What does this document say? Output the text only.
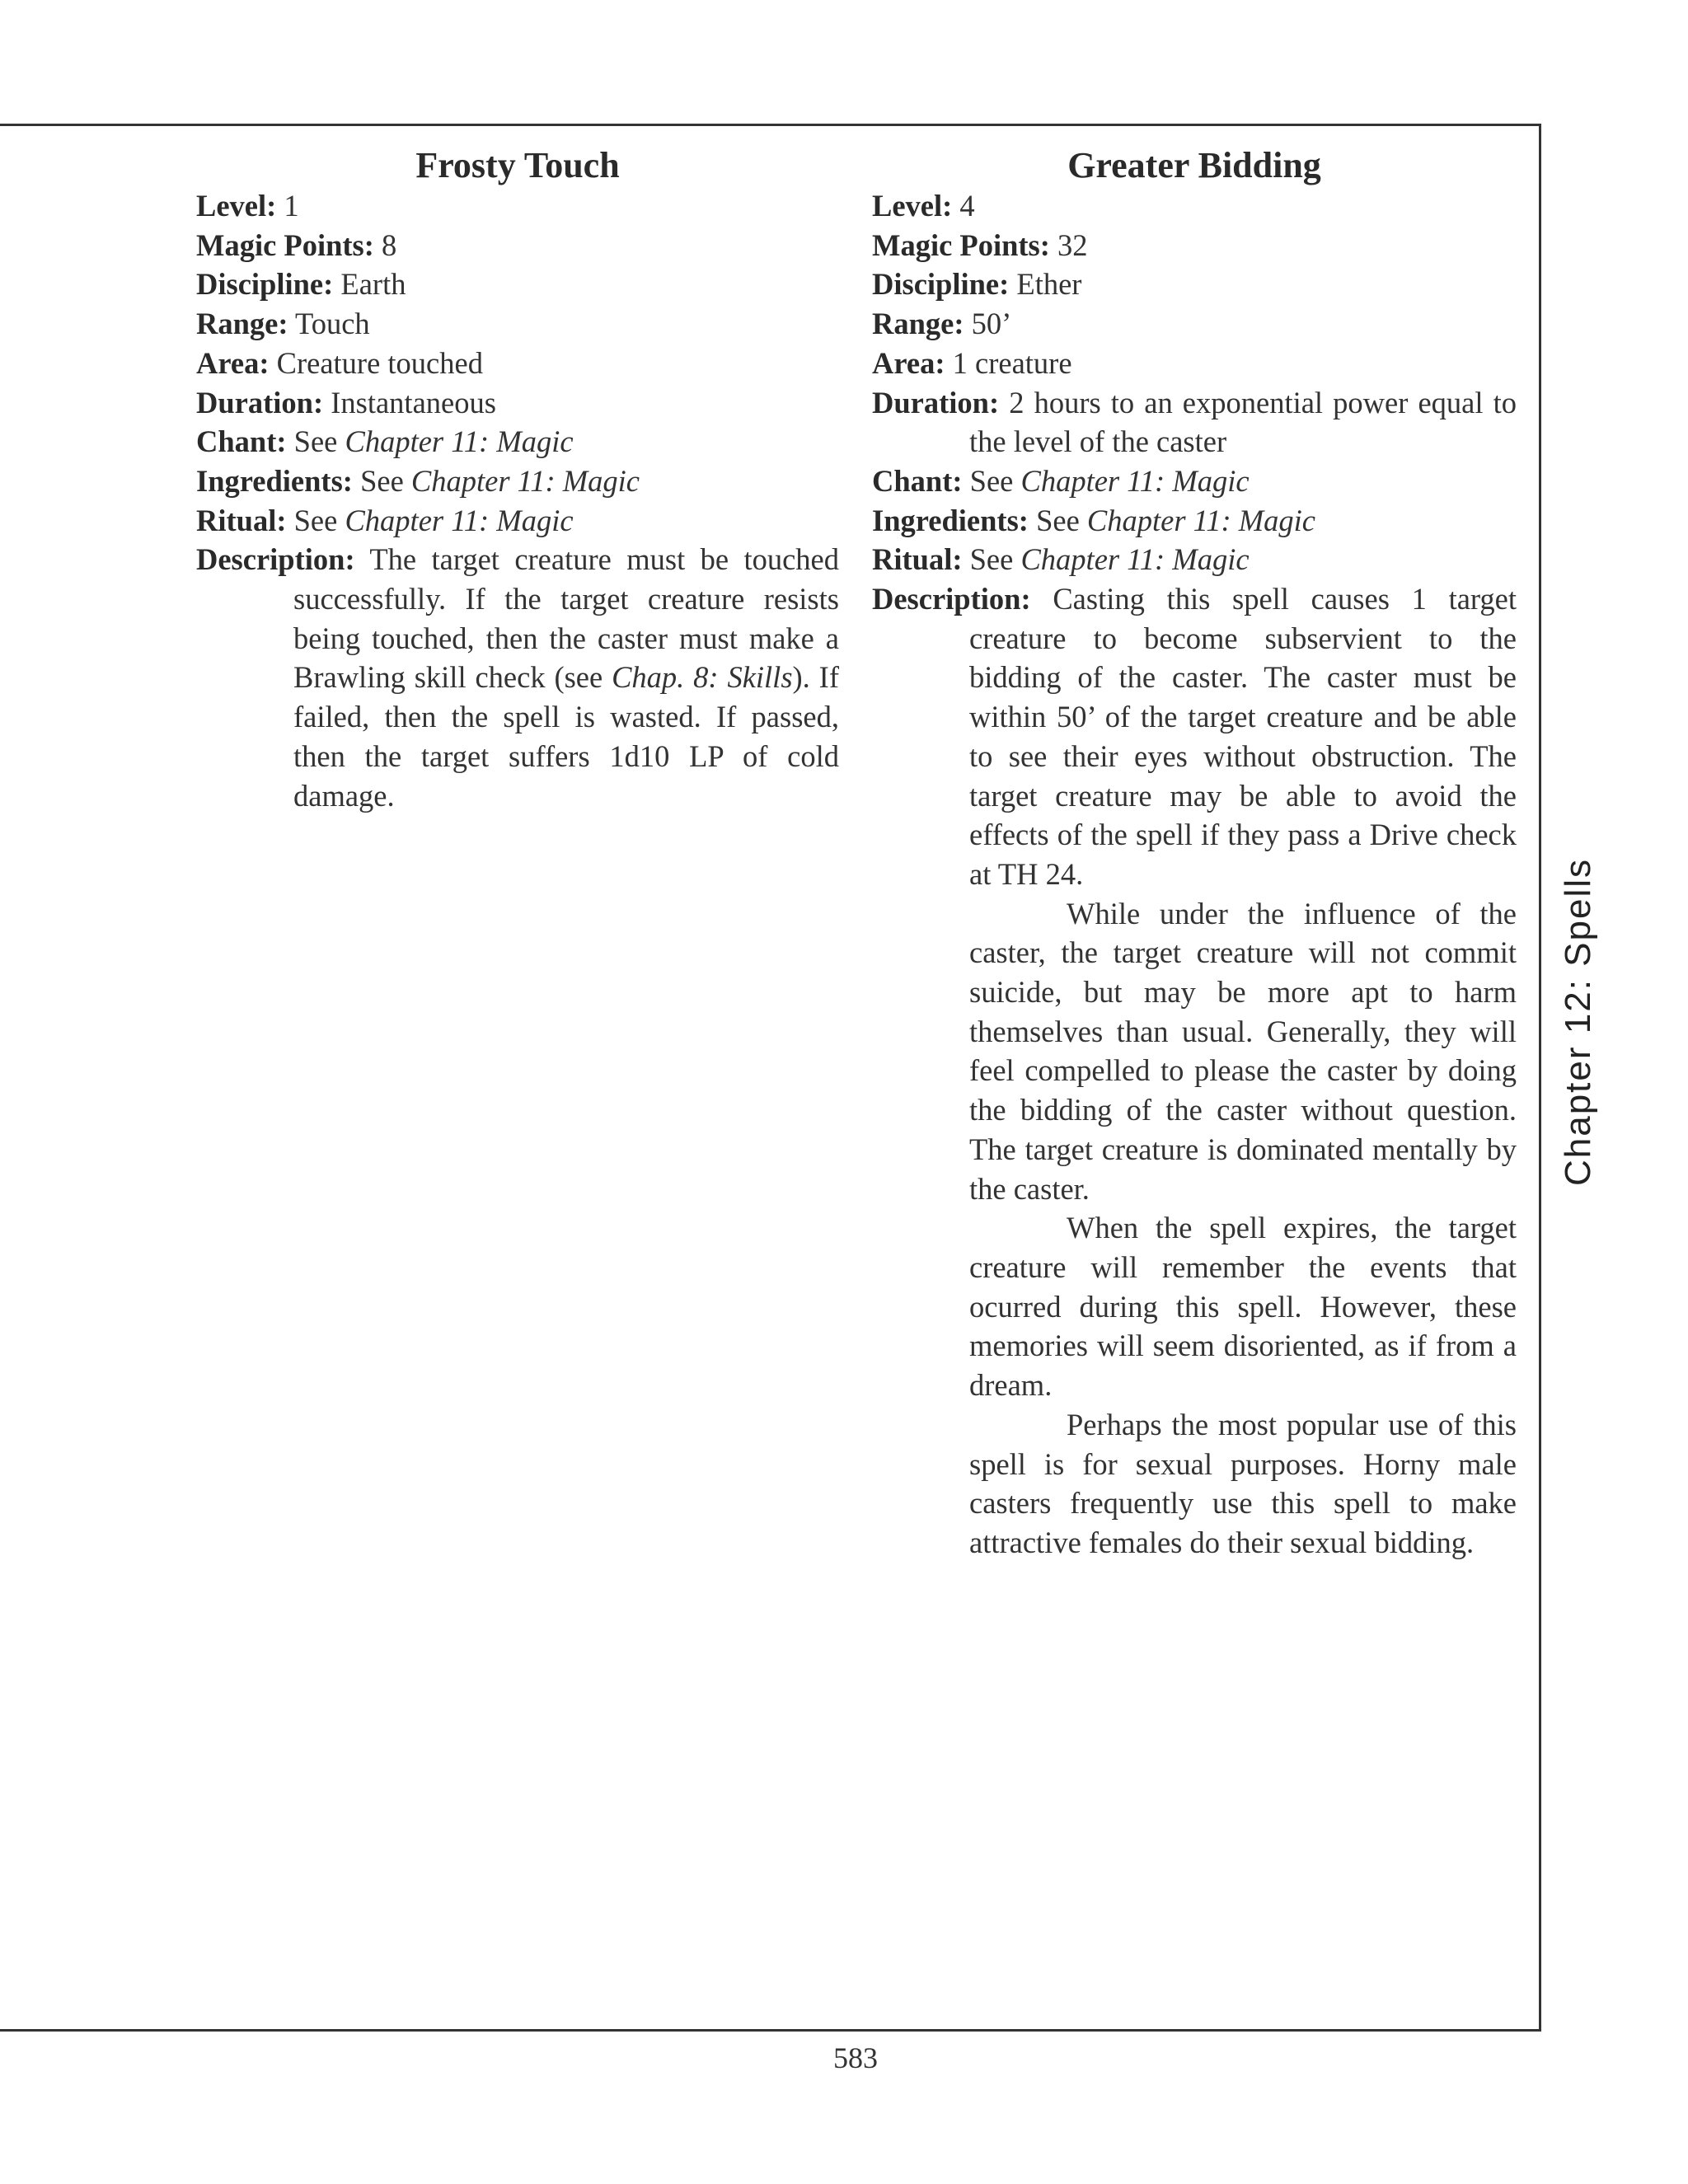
Frosty Touch

Level: 1

Magic Points: 8

Discipline: Earth

Range: Touch

Area: Creature touched

Duration: Instantaneous

Chant: See Chapter 11: Magic

Ingredients: See Chapter 11: Magic

Ritual: See Chapter 11: Magic

Description: The target creature must be touched successfully. If the target creature resists being touched, then the caster must make a Brawling skill check (see Chap. 8: Skills). If failed, then the spell is wasted. If passed, then the target suffers 1d10 LP of cold damage.

Greater Bidding

Level: 4

Magic Points: 32

Discipline: Ether

Range: 50’

Area: 1 creature

Duration: 2 hours to an exponential power equal to the level of the caster

Chant: See Chapter 11: Magic

Ingredients: See Chapter 11: Magic

Ritual: See Chapter 11: Magic

Description: Casting this spell causes 1 target creature to become subservient to the bidding of the caster. The caster must be within 50’ of the target creature and be able to see their eyes without obstruction. The target creature may be able to avoid the effects of the spell if they pass a Drive check at TH 24.

While under the influence of the caster, the target creature will not commit suicide, but may be more apt to harm themselves than usual. Generally, they will feel compelled to please the caster by doing the bidding of the caster without question. The target creature is dominated mentally by the caster.

When the spell expires, the target creature will remember the events that ocurred during this spell. However, these memories will seem disoriented, as if from a dream.

Perhaps the most popular use of this spell is for sexual purposes. Horny male casters frequently use this spell to make attractive females do their sexual bidding.

Chapter 12: Spells
583
